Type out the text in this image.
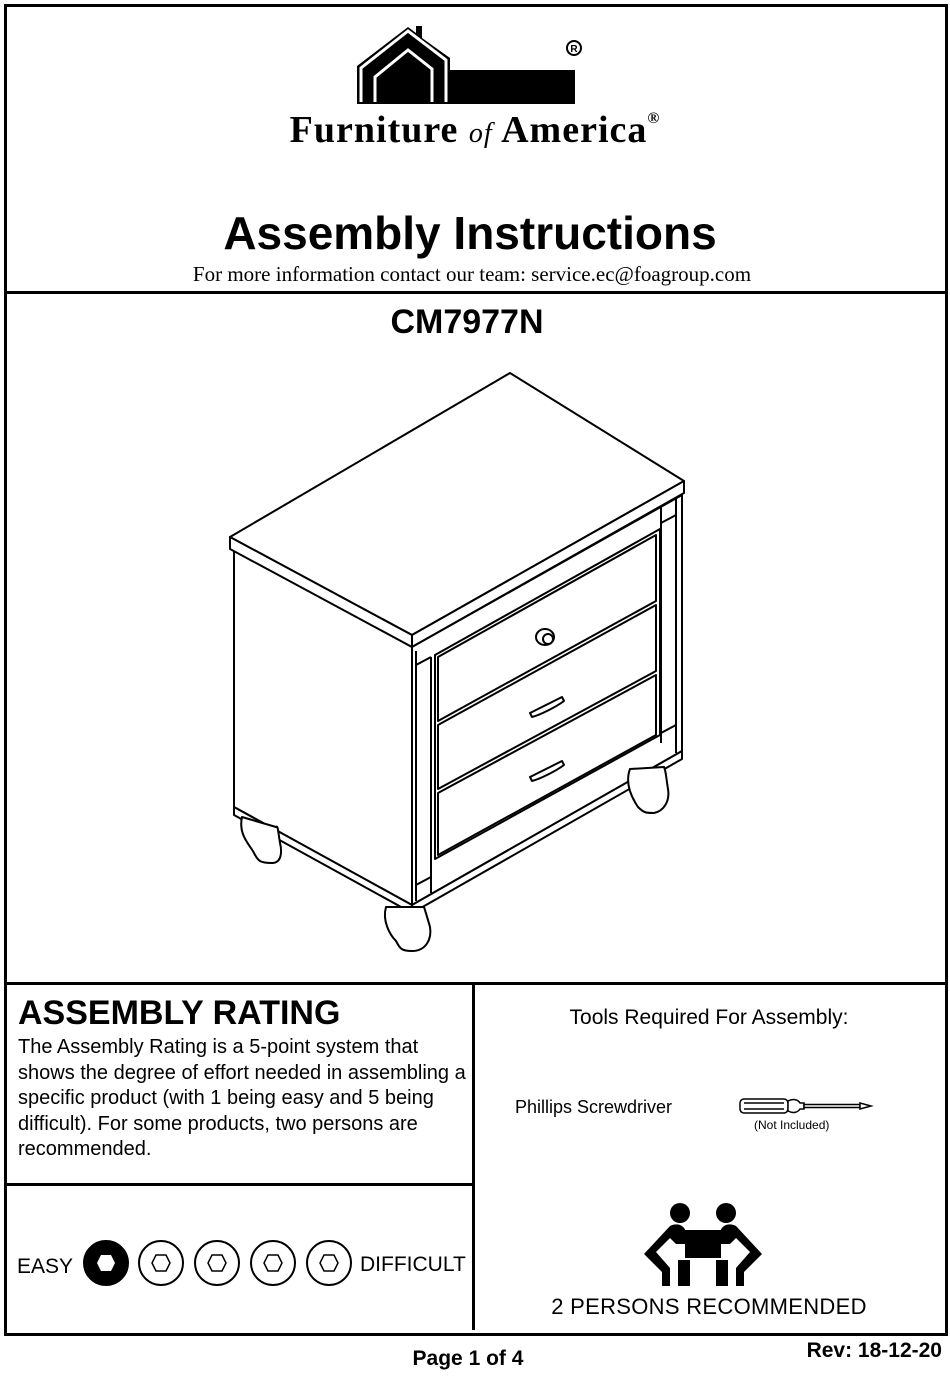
R
Furniture of America®
Assembly Instructions
For more information contact our team: service.ec@foagroup.com
CM7977N
ASSEMBLY RATING
The Assembly Rating is a 5-point system that shows the degree of effort needed in assembling a specific product (with 1 being easy and 5 being difficult). For some products, two persons are recommended.
EASY	DIFFICULT
Tools Required For Assembly:
Phillips Screwdriver
(Not Included)
2 PERSONS RECOMMENDED
Page 1 of 4	Rev: 18-12-20
